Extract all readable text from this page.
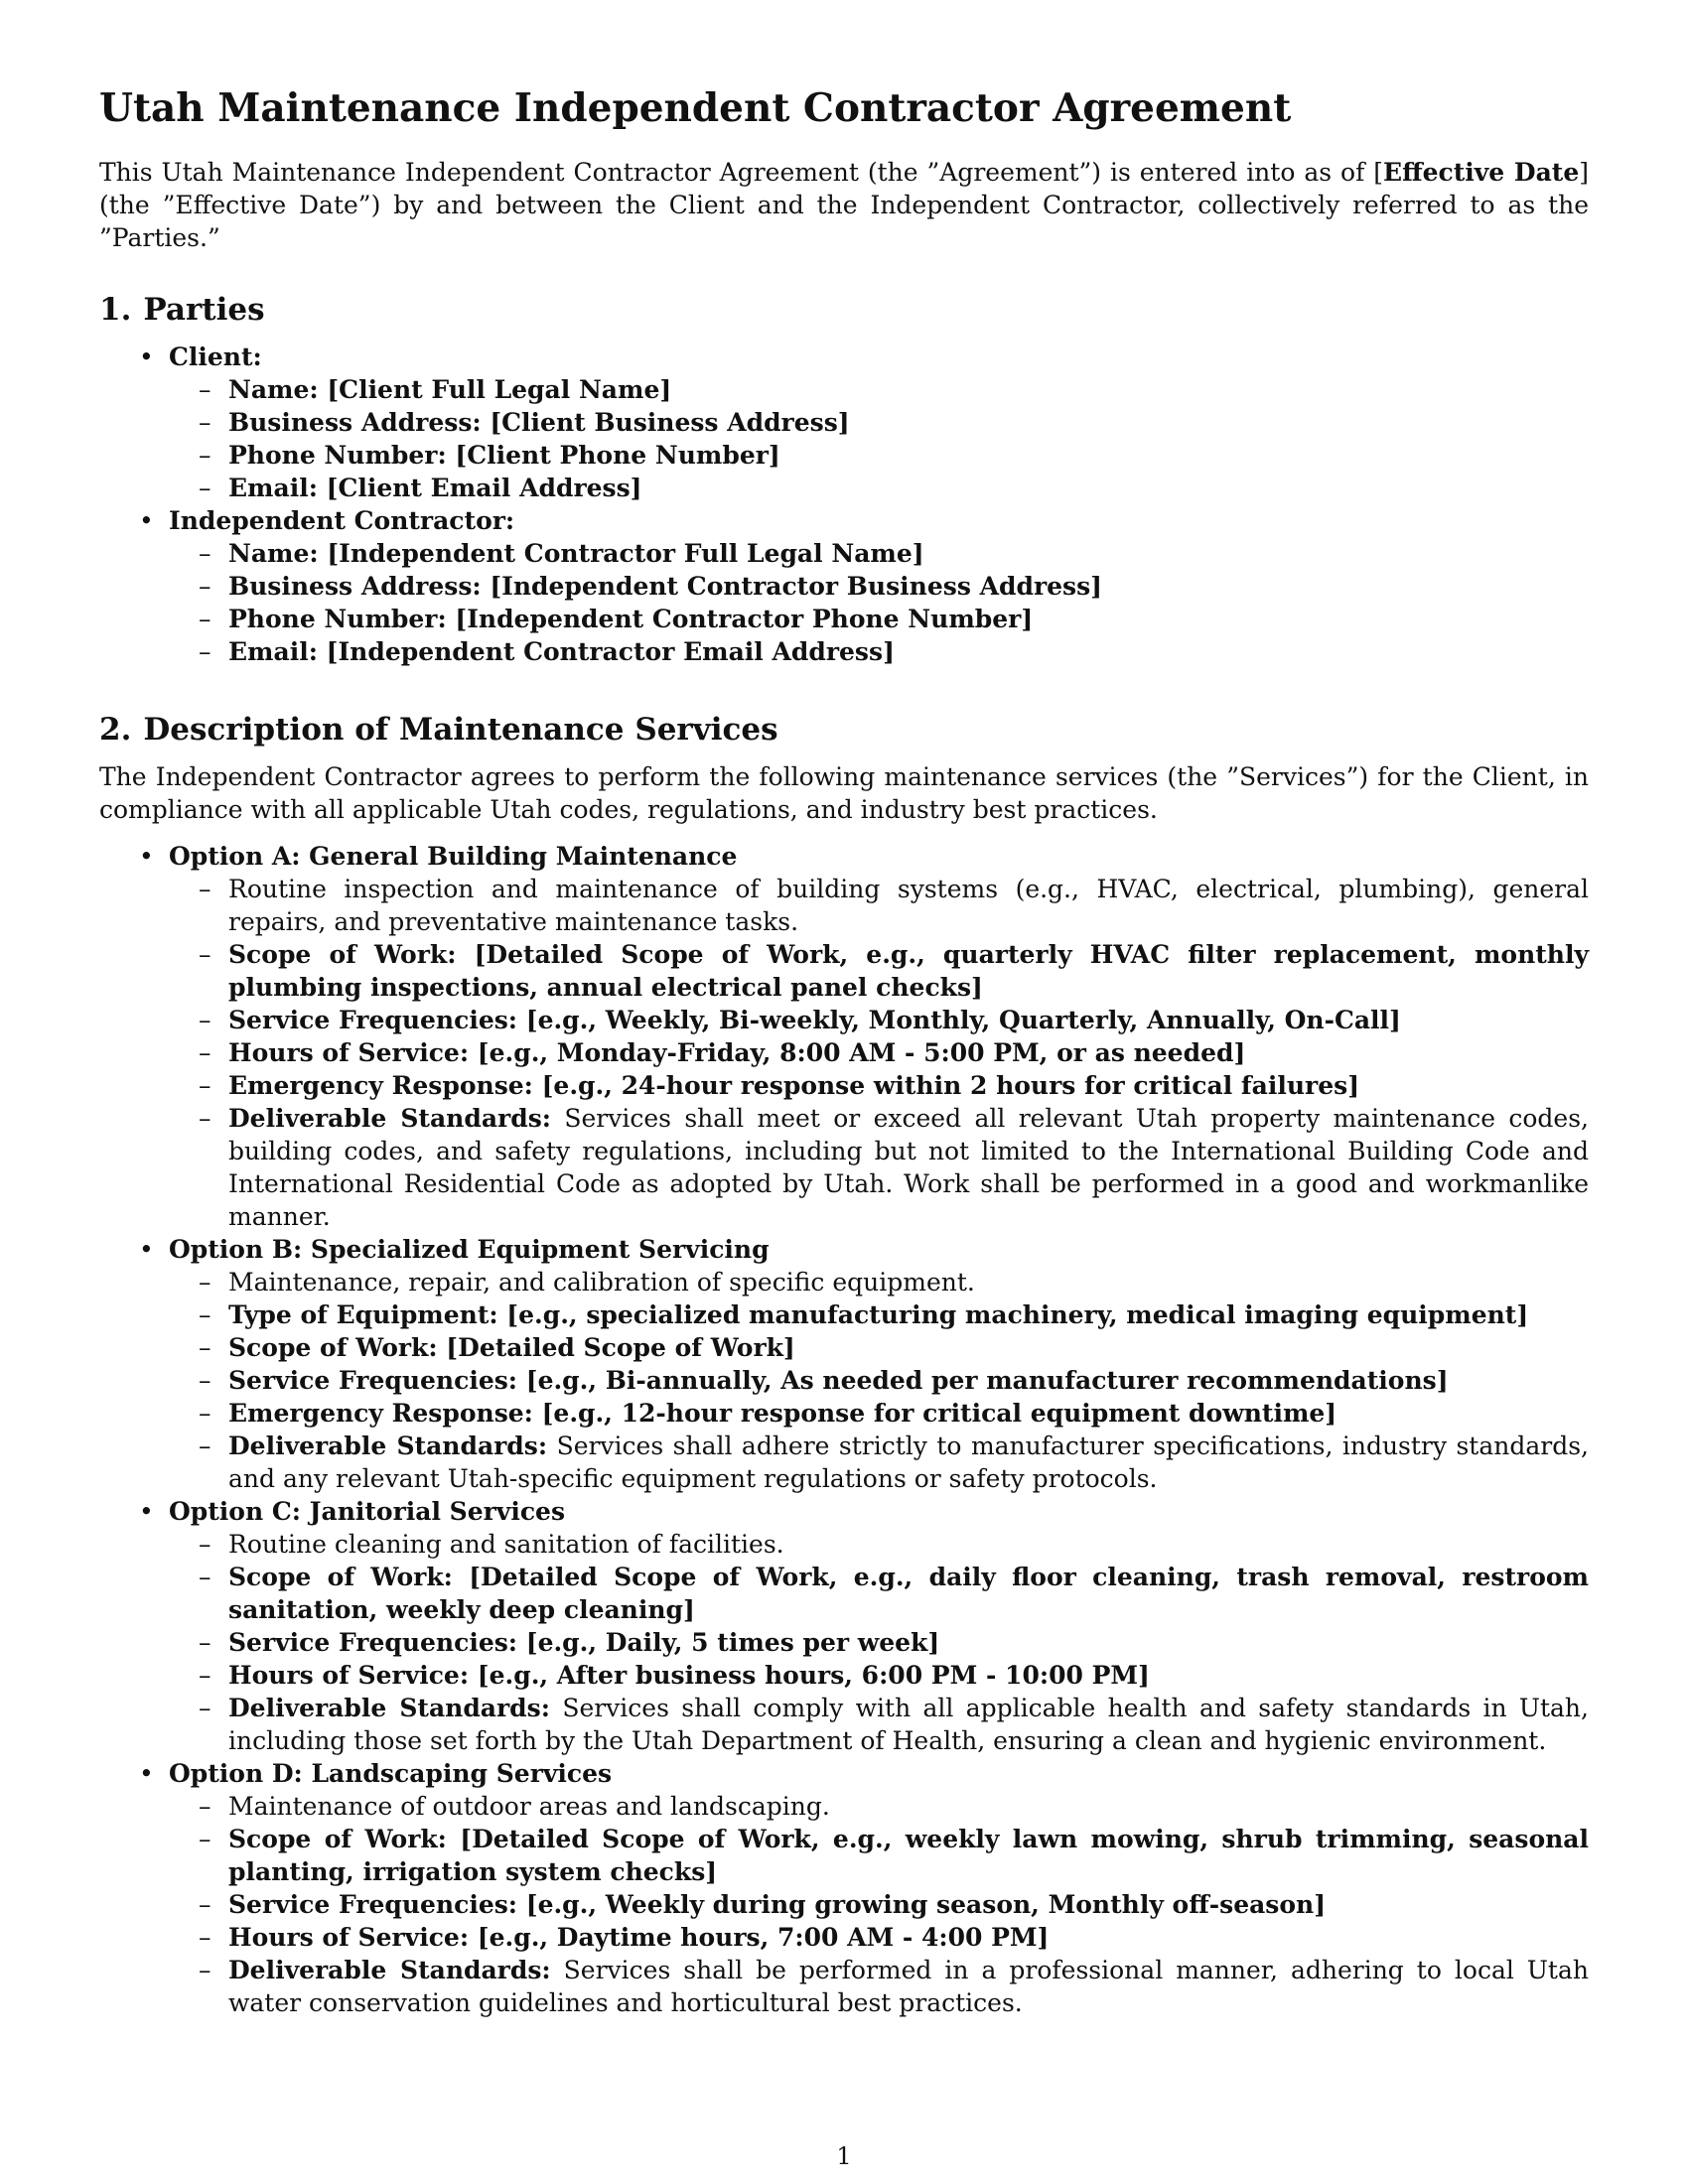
Utah Maintenance Independent Contractor Agreement

This Utah Maintenance Independent Contractor Agreement (the ”Agreement”) is entered into as of [Effective Date] (the ”Effective Date”) by and between the Client and the Independent Contractor, collectively referred to as the ”Parties.”

1. Parties
• Client:
– Name: [Client Full Legal Name]
– Business Address: [Client Business Address]
– Phone Number: [Client Phone Number]
– Email: [Client Email Address]
• Independent Contractor:
– Name: [Independent Contractor Full Legal Name]
– Business Address: [Independent Contractor Business Address]
– Phone Number: [Independent Contractor Phone Number]
– Email: [Independent Contractor Email Address]
2. Description of Maintenance Services

The Independent Contractor agrees to perform the following maintenance services (the ”Services”) for the Client, in compliance with all applicable Utah codes, regulations, and industry best practices.

• Option A: General Building Maintenance
– Routine inspection and maintenance of building systems (e.g., HVAC, electrical, plumbing), general repairs, and preventative maintenance tasks.
– Scope of Work: [Detailed Scope of Work, e.g., quarterly HVAC filter replacement, monthly plumbing inspections, annual electrical panel checks]
– Service Frequencies: [e.g., Weekly, Bi-weekly, Monthly, Quarterly, Annually, On-Call]
– Hours of Service: [e.g., Monday-Friday, 8:00 AM - 5:00 PM, or as needed]
– Emergency Response: [e.g., 24-hour response within 2 hours for critical failures]
– Deliverable Standards: Services shall meet or exceed all relevant Utah property maintenance codes, building codes, and safety regulations, including but not limited to the International Building Code and International Residential Code as adopted by Utah. Work shall be performed in a good and workmanlike manner.
• Option B: Specialized Equipment Servicing
– Maintenance, repair, and calibration of specific equipment.
– Type of Equipment: [e.g., specialized manufacturing machinery, medical imaging equipment]
– Scope of Work: [Detailed Scope of Work]
– Service Frequencies: [e.g., Bi-annually, As needed per manufacturer recommendations]
– Emergency Response: [e.g., 12-hour response for critical equipment downtime]
– Deliverable Standards: Services shall adhere strictly to manufacturer specifications, industry standards, and any relevant Utah-specific equipment regulations or safety protocols.
• Option C: Janitorial Services
– Routine cleaning and sanitation of facilities.
– Scope of Work: [Detailed Scope of Work, e.g., daily floor cleaning, trash removal, restroom sanitation, weekly deep cleaning]
– Service Frequencies: [e.g., Daily, 5 times per week]
– Hours of Service: [e.g., After business hours, 6:00 PM - 10:00 PM]
– Deliverable Standards: Services shall comply with all applicable health and safety standards in Utah, including those set forth by the Utah Department of Health, ensuring a clean and hygienic environment.
• Option D: Landscaping Services
– Maintenance of outdoor areas and landscaping.
– Scope of Work: [Detailed Scope of Work, e.g., weekly lawn mowing, shrub trimming, seasonal planting, irrigation system checks]
– Service Frequencies: [e.g., Weekly during growing season, Monthly off-season]
– Hours of Service: [e.g., Daytime hours, 7:00 AM - 4:00 PM]
– Deliverable Standards: Services shall be performed in a professional manner, adhering to local Utah water conservation guidelines and horticultural best practices.
1
